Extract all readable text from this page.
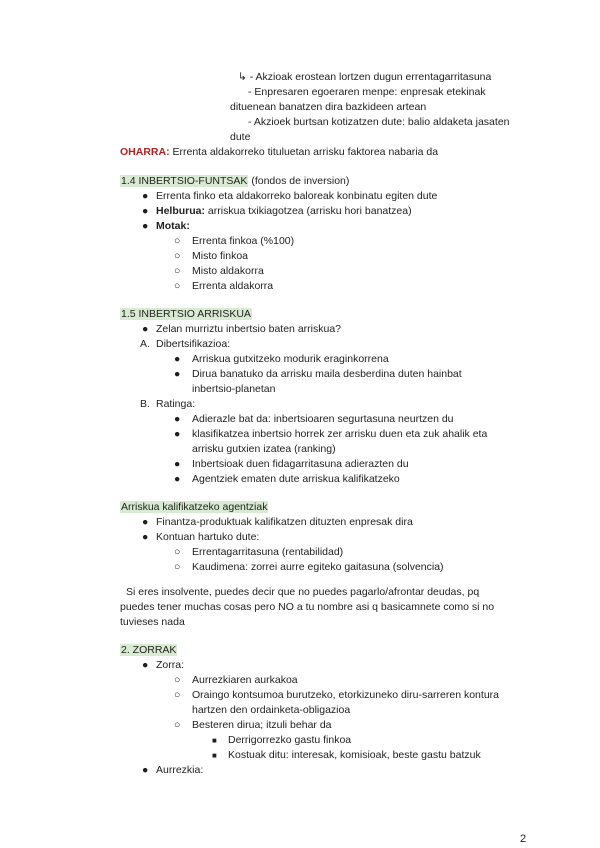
↳ - Akzioak erostean lortzen dugun errentagarritasuna
- Enpresaren egoeraren menpe: enpresak etekinak
dituenean banatzen dira bazkideen artean
- Akzioek burtsan kotizatzen dute: balio aldaketa jasaten
dute
OHARRA: Errenta aldakorreko tituluetan arrisku faktorea nabaria da
1.4 INBERTSIO-FUNTSAK (fondos de inversion)
● Errenta finko eta aldakorreko baloreak konbinatu egiten dute
● Helburua: arriskua txikiagotzea (arrisku hori banatzea)
● Motak:
○ Errenta finkoa (%100)
○ Misto finkoa
○ Misto aldakorra
○ Errenta aldakorra
1.5 INBERTSIO ARRISKUA
● Zelan murriztu inbertsio baten arriskua?
A. Dibertsifikazioa:
● Arriskua gutxitzeko modurik eraginkorrena
● Dirua banatuko da arrisku maila desberdina duten hainbat
inbertsio-planetan
B. Ratinga:
● Adierazle bat da: inbertsioaren segurtasuna neurtzen du
● klasifikatzea inbertsio horrek zer arrisku duen eta zuk ahalik eta
arrisku gutxien izatea (ranking)
● Inbertsioak duen fidagarritasuna adierazten du
● Agentziek ematen dute arriskua kalifikatzeko
Arriskua kalifikatzeko agentziak
● Finantza-produktuak kalifikatzen dituzten enpresak dira
● Kontuan hartuko dute:
○ Errentagarritasuna (rentabilidad)
○ Kaudimena: zorrei aurre egiteko gaitasuna (solvencia)
Si eres insolvente, puedes decir que no puedes pagarlo/afrontar deudas, pq
puedes tener muchas cosas pero NO a tu nombre asi q basicamnete como si no
tuvieses nada
2. ZORRAK
● Zorra:
○ Aurrezkiaren aurkakoa
○ Oraingo kontsumoa burutzeko, etorkizuneko diru-sarreren kontura
hartzen den ordainketa-obligazioa
○ Besteren dirua; itzuli behar da
■ Derrigorrezko gastu finkoa
■ Kostuak ditu: interesak, komisioak, beste gastu batzuk
● Aurrezkia:
2
